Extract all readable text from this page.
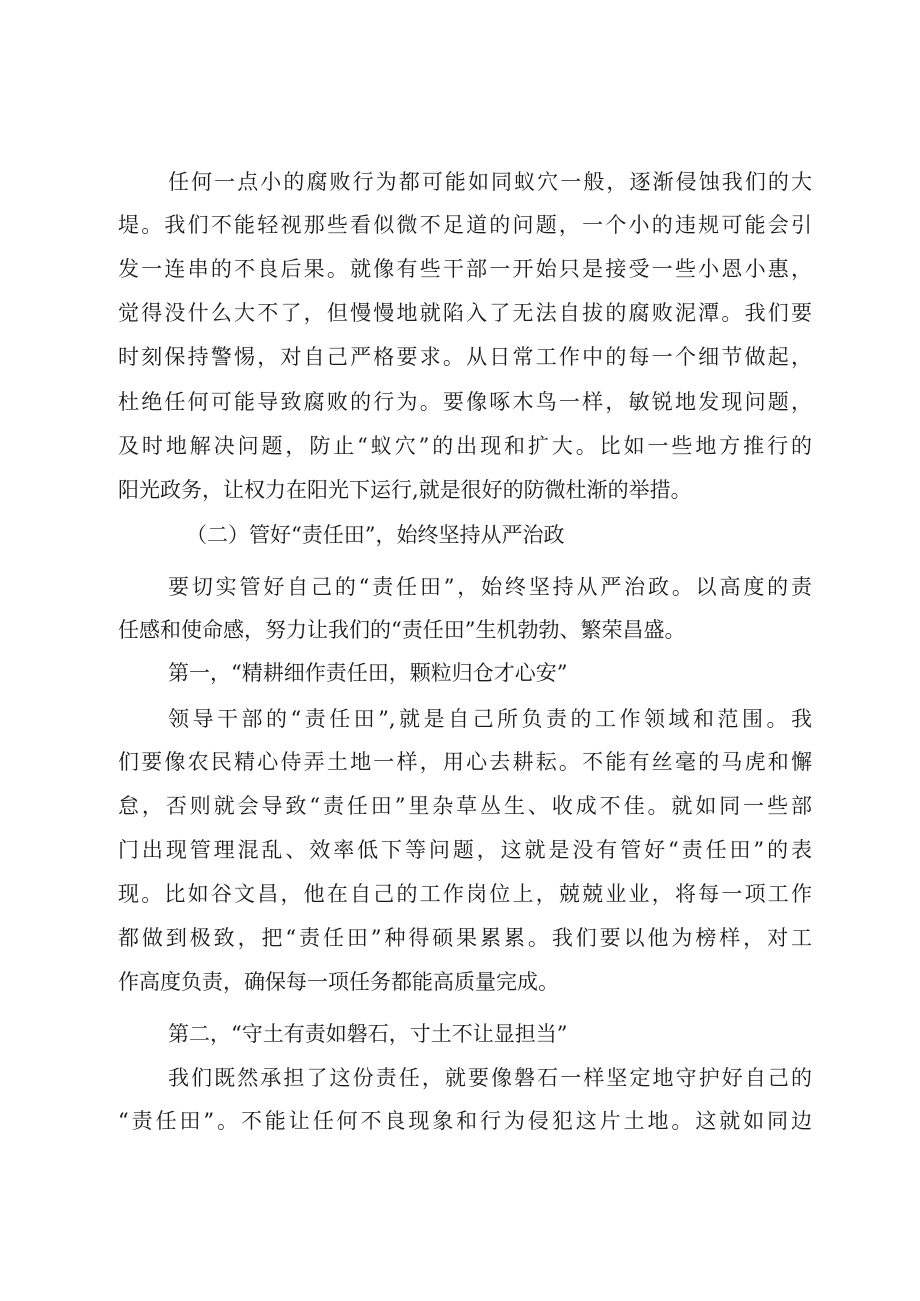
任何一点小的腐败行为都可能如同蚁穴一般，逐渐侵蚀我们的大
堤。我们不能轻视那些看似微不足道的问题，一个小的违规可能会引
发一连串的不良后果。就像有些干部一开始只是接受一些小恩小惠，
觉得没什么大不了，但慢慢地就陷入了无法自拔的腐败泥潭。我们要
时刻保持警惕，对自己严格要求。从日常工作中的每一个细节做起，
杜绝任何可能导致腐败的行为。要像啄木鸟一样，敏锐地发现问题，
及时地解决问题，防止“蚁穴”的出现和扩大。比如一些地方推行的
阳光政务，让权力在阳光下运行,就是很好的防微杜渐的举措。
（二）管好“责任田”，始终坚持从严治政
要切实管好自己的“责任田”，始终坚持从严治政。以高度的责
任感和使命感，努力让我们的“责任田”生机勃勃、繁荣昌盛。
第一，“精耕细作责任田，颗粒归仓才心安”
领导干部的“责任田”,就是自己所负责的工作领域和范围。我
们要像农民精心侍弄土地一样，用心去耕耘。不能有丝毫的马虎和懈
怠，否则就会导致“责任田”里杂草丛生、收成不佳。就如同一些部
门出现管理混乱、效率低下等问题，这就是没有管好“责任田”的表
现。比如谷文昌，他在自己的工作岗位上，兢兢业业，将每一项工作
都做到极致，把“责任田”种得硕果累累。我们要以他为榜样，对工
作高度负责，确保每一项任务都能高质量完成。
第二，“守土有责如磐石，寸土不让显担当”
我们既然承担了这份责任，就要像磐石一样坚定地守护好自己的
“责任田”。不能让任何不良现象和行为侵犯这片土地。这就如同边
